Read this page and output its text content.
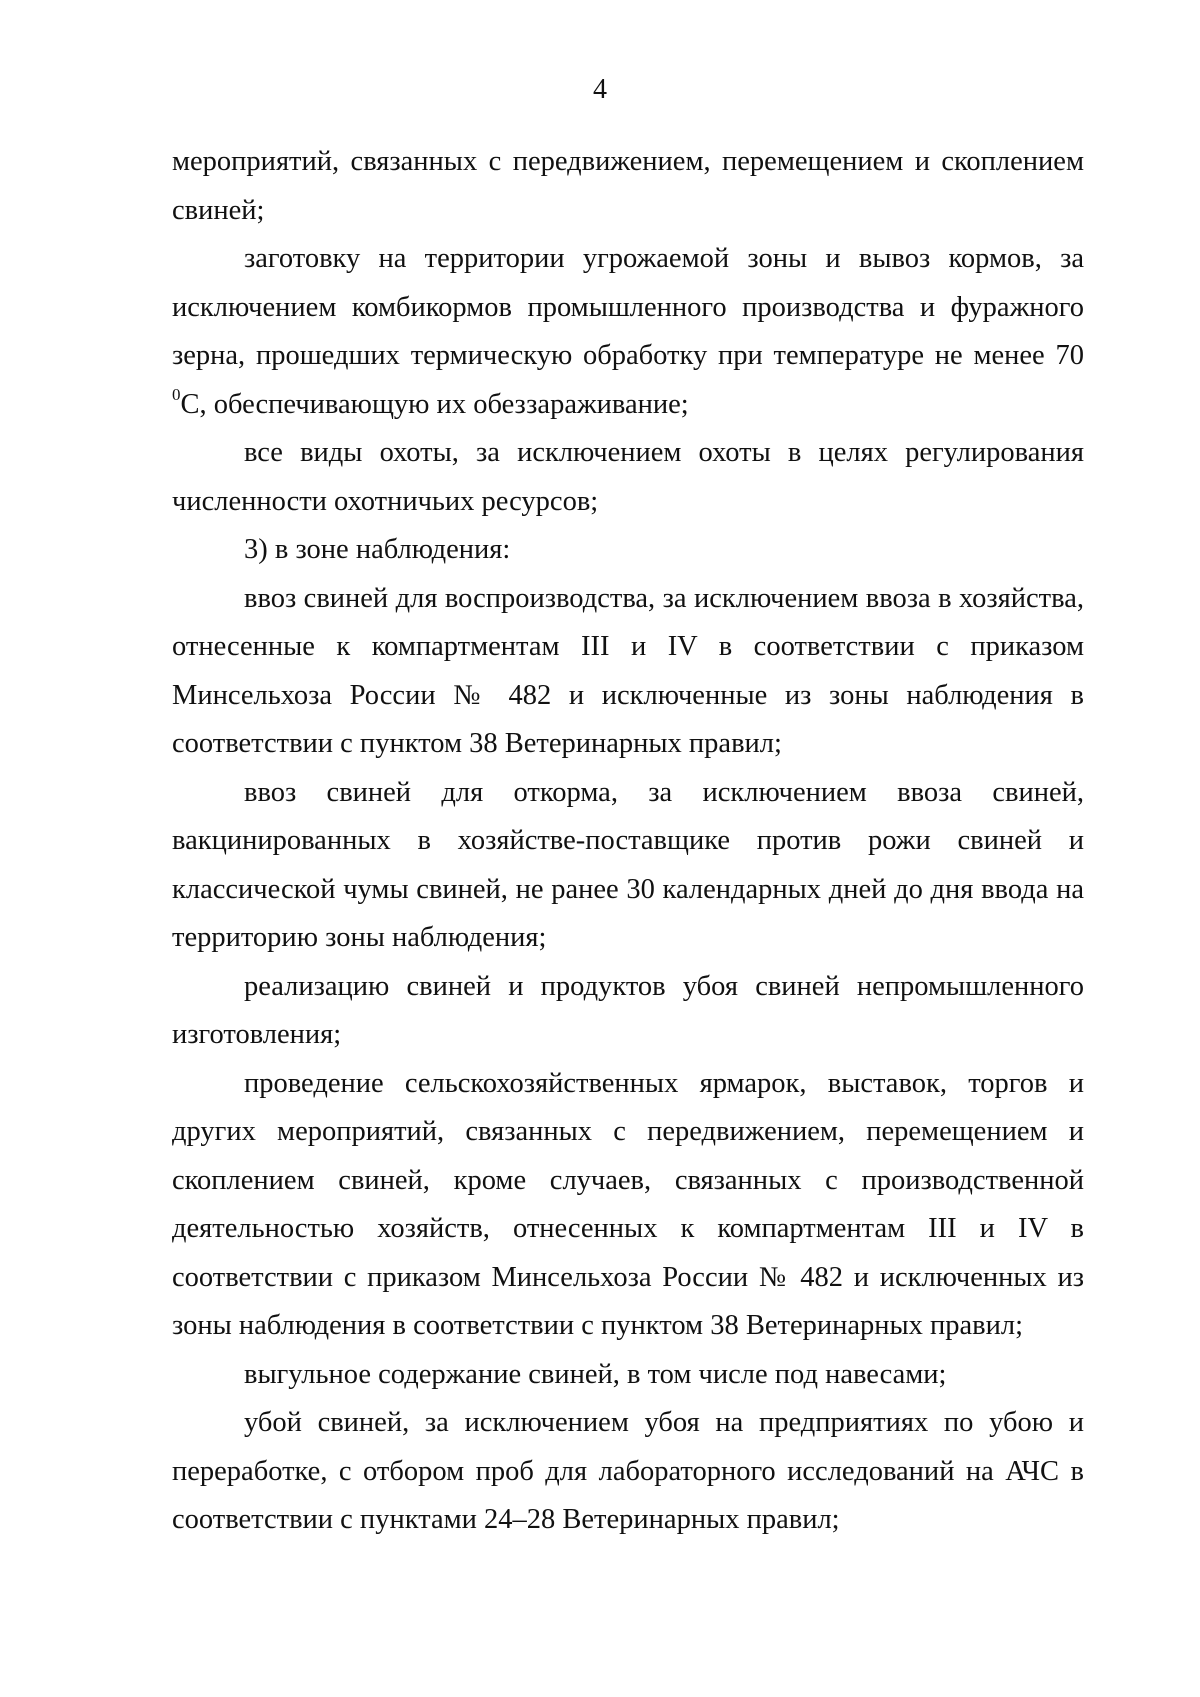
4

мероприятий, связанных с передвижением, перемещением и скоплением свиней;

заготовку на территории угрожаемой зоны и вывоз кормов, за исключением комбикормов промышленного производства и фуражного зерна, прошедших термическую обработку при температуре не менее 70 $^0$С, обеспечивающую их обеззараживание;

все виды охоты, за исключением охоты в целях регулирования численности охотничьих ресурсов;

3) в зоне наблюдения:

ввоз свиней для воспроизводства, за исключением ввоза в хозяйства, отнесенные к компартментам III и IV в соответствии с приказом Минсельхоза России № 482 и исключенные из зоны наблюдения в соответствии с пунктом 38 Ветеринарных правил;

ввоз свиней для откорма, за исключением ввоза свиней, вакцинированных в хозяйстве-поставщике против рожи свиней и классической чумы свиней, не ранее 30 календарных дней до дня ввода на территорию зоны наблюдения;

реализацию свиней и продуктов убоя свиней непромышленного изготовления;

проведение сельскохозяйственных ярмарок, выставок, торгов и других мероприятий, связанных с передвижением, перемещением и скоплением свиней, кроме случаев, связанных с производственной деятельностью хозяйств, отнесенных к компартментам III и IV в соответствии с приказом Минсельхоза России № 482 и исключенных из зоны наблюдения в соответствии с пунктом 38 Ветеринарных правил;

выгульное содержание свиней, в том числе под навесами;

убой свиней, за исключением убоя на предприятиях по убою и переработке, с отбором проб для лабораторного исследований на АЧС в соответствии с пунктами 24–28 Ветеринарных правил;
